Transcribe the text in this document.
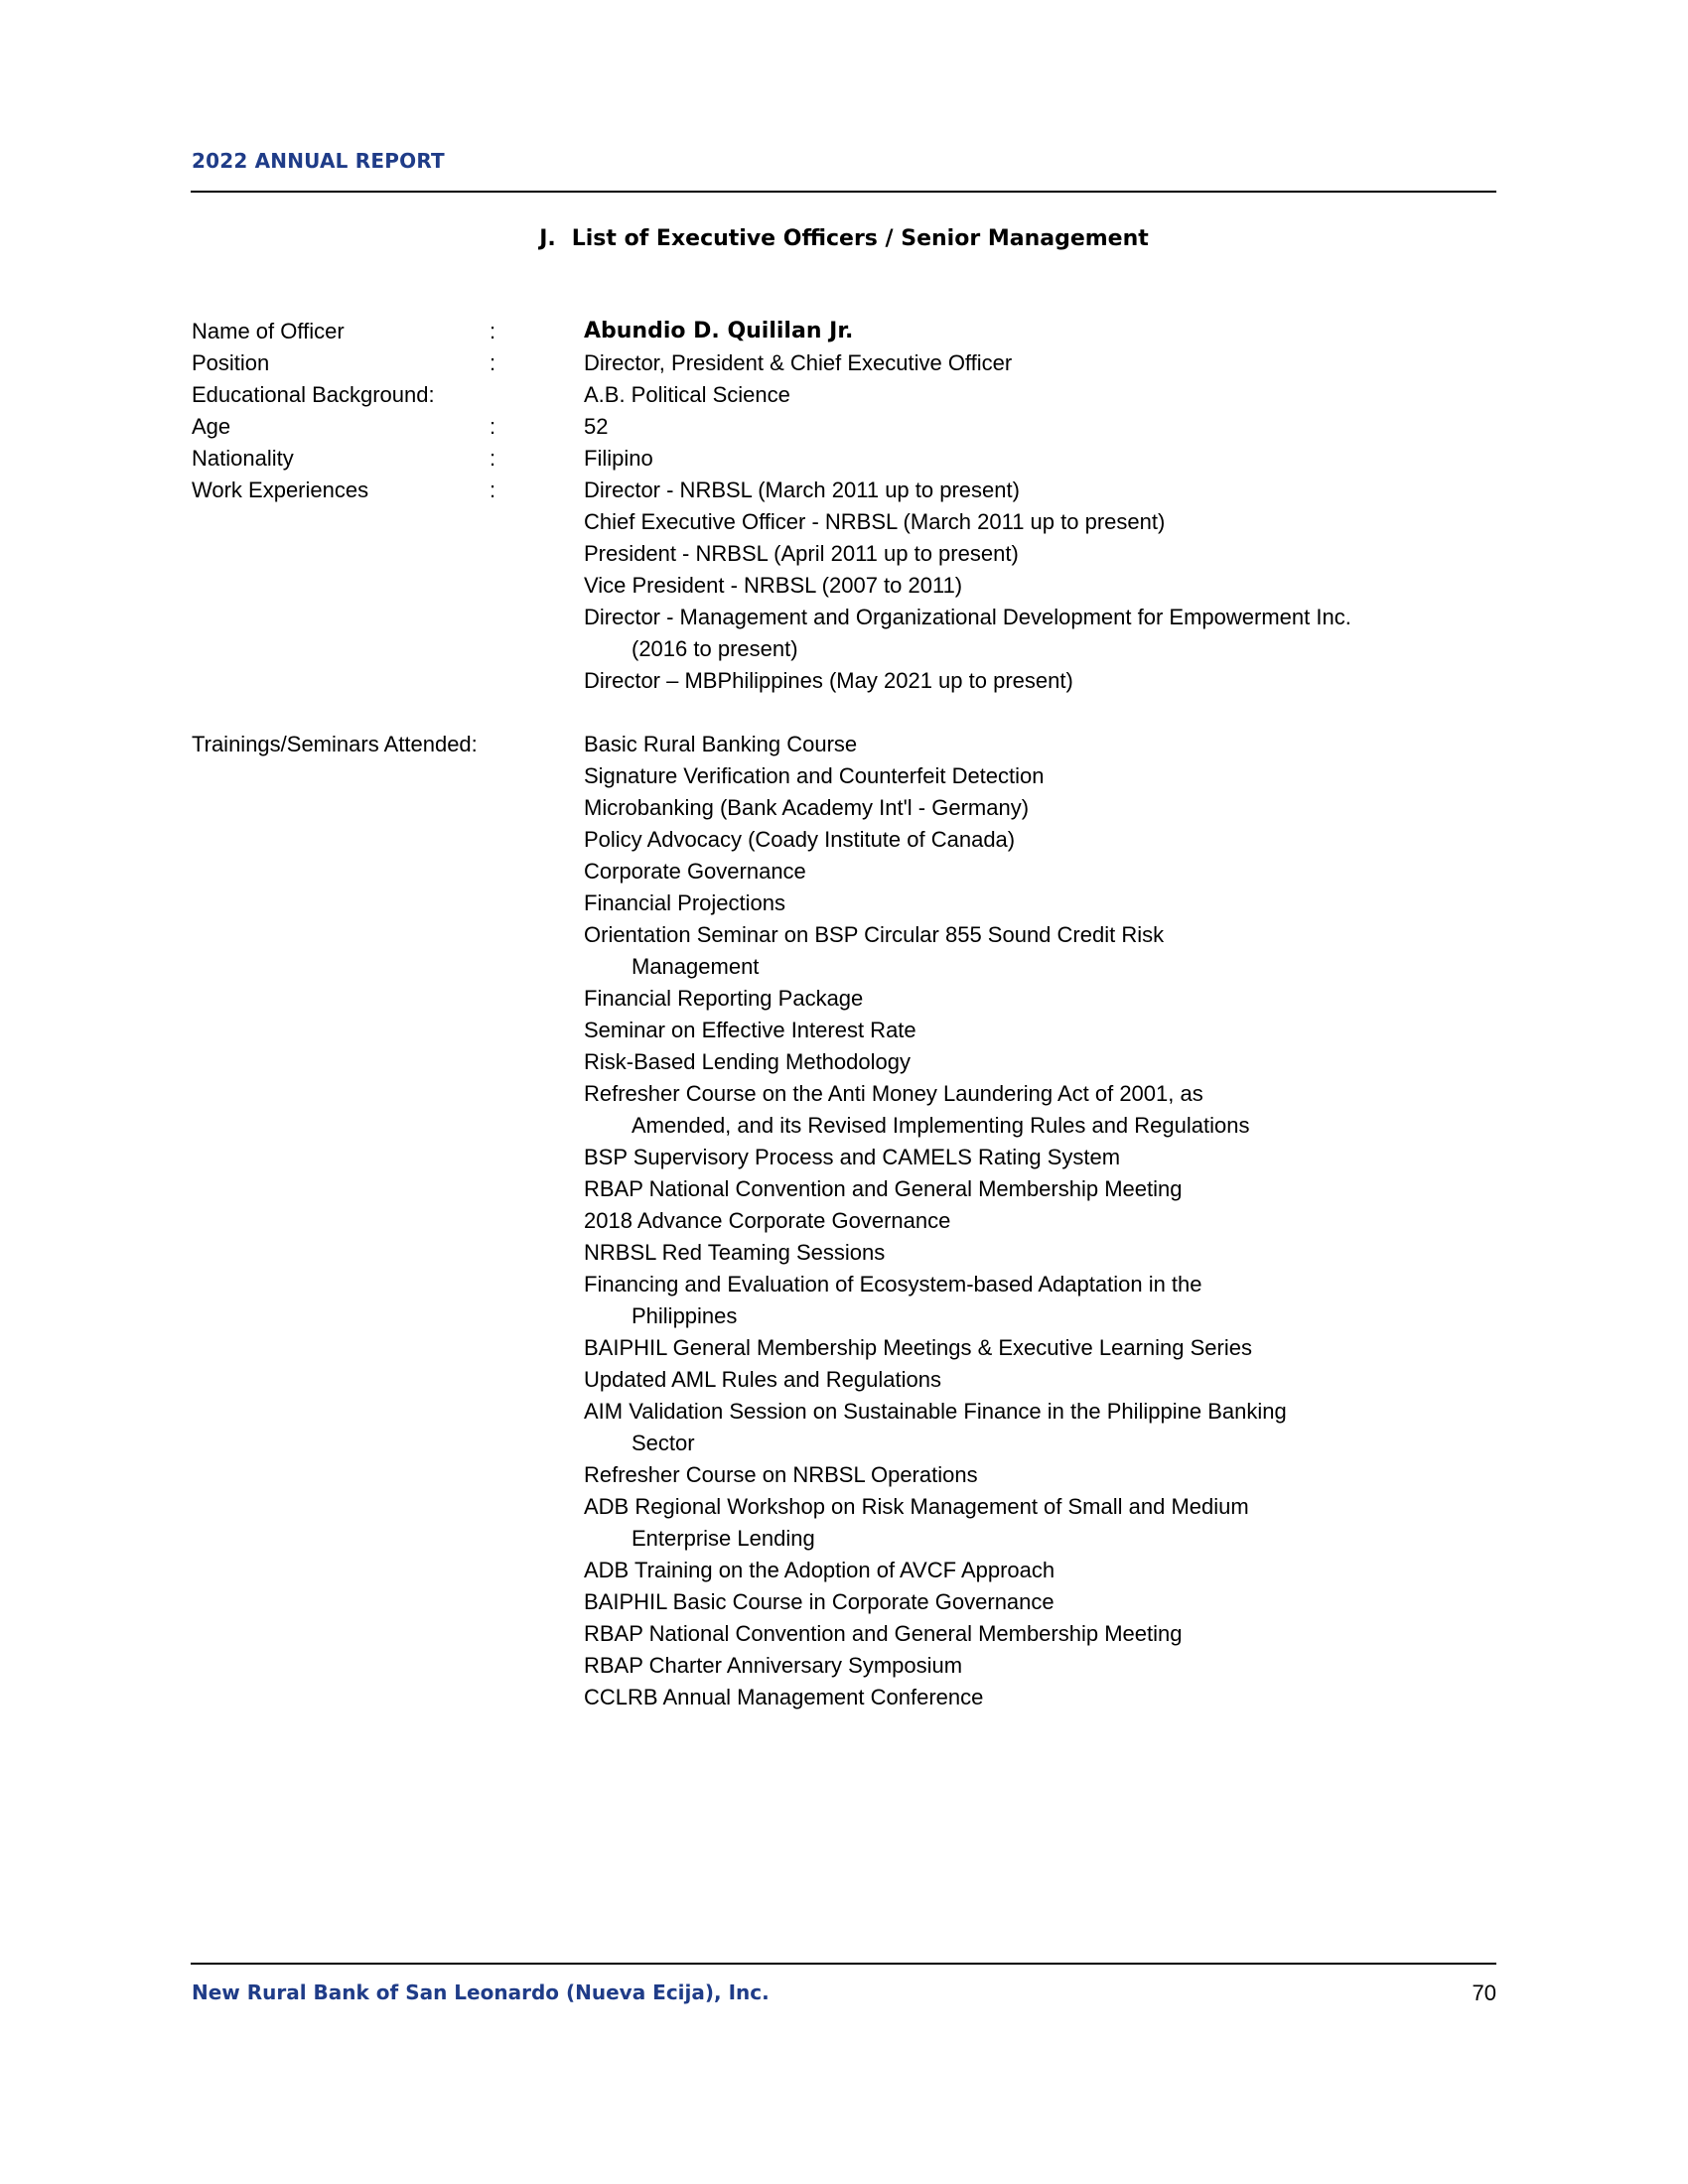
2022 ANNUAL REPORT
J. List of Executive Officers / Senior Management
Name of Officer	:	Abundio D. Quililan Jr.
Position	:	Director, President & Chief Executive Officer
Educational Background:	A.B. Political Science
Age	:	52
Nationality	:	Filipino
Work Experiences	:	Director - NRBSL (March 2011 up to present)
Chief Executive Officer - NRBSL (March 2011 up to present)
President - NRBSL (April 2011 up to present)
Vice President - NRBSL (2007 to 2011)
Director - Management and Organizational Development for Empowerment Inc.
(2016 to present)
Director – MBPhilippines (May 2021 up to present)
Trainings/Seminars Attended:	Basic Rural Banking Course
Signature Verification and Counterfeit Detection
Microbanking (Bank Academy Int'l - Germany)
Policy Advocacy (Coady Institute of Canada)
Corporate Governance
Financial Projections
Orientation Seminar on BSP Circular 855 Sound Credit Risk
Management
Financial Reporting Package
Seminar on Effective Interest Rate
Risk-Based Lending Methodology
Refresher Course on the Anti Money Laundering Act of 2001, as
Amended, and its Revised Implementing Rules and Regulations
BSP Supervisory Process and CAMELS Rating System
RBAP National Convention and General Membership Meeting
2018 Advance Corporate Governance
NRBSL Red Teaming Sessions
Financing and Evaluation of Ecosystem-based Adaptation in the
Philippines
BAIPHIL General Membership Meetings & Executive Learning Series
Updated AML Rules and Regulations
AIM Validation Session on Sustainable Finance in the Philippine Banking
Sector
Refresher Course on NRBSL Operations
ADB Regional Workshop on Risk Management of Small and Medium
Enterprise Lending
ADB Training on the Adoption of AVCF Approach
BAIPHIL Basic Course in Corporate Governance
RBAP National Convention and General Membership Meeting
RBAP Charter Anniversary Symposium
CCLRB Annual Management Conference
New Rural Bank of San Leonardo (Nueva Ecija), Inc.	70
